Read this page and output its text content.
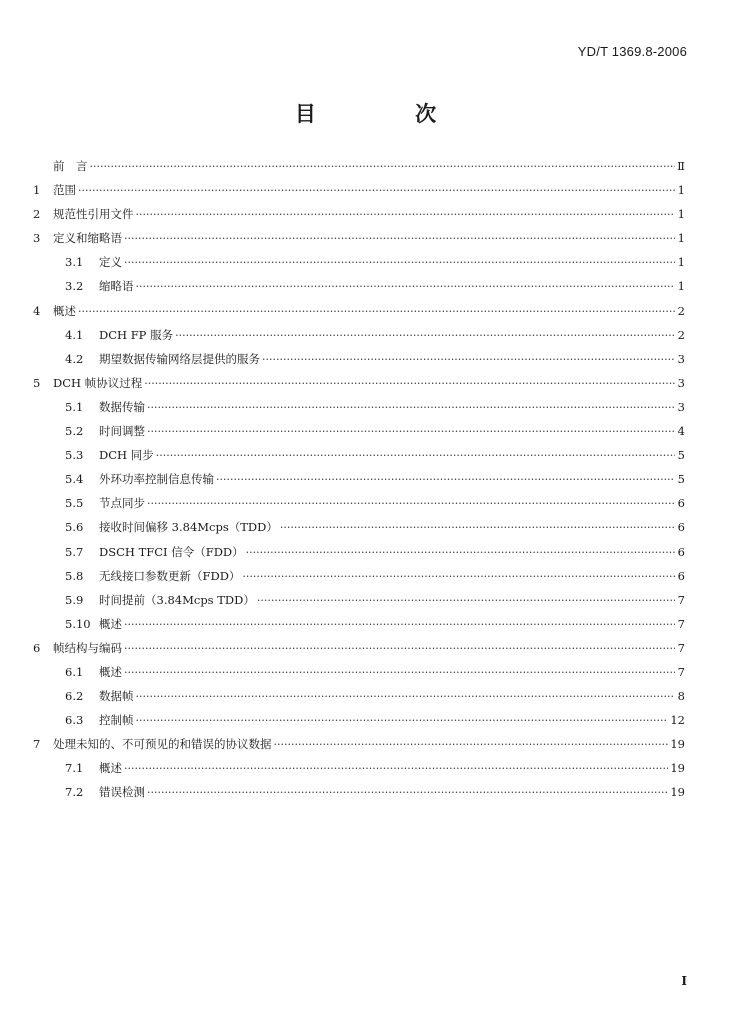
YD/T 1369.8-2006
目 次
前　言 ·····	Ⅱ
1	范围 ·····	1
2	规范性引用文件 ·····	1
3	定义和缩略语 ·····	1
3.1	定义 ·····	1
3.2	缩略语 ·····	1
4	概述 ·····	2
4.1	DCH FP 服务 ·····	2
4.2	期望数据传输网络层提供的服务 ·····	3
5	DCH 帧协议过程 ·····	3
5.1	数据传输 ·····	3
5.2	时间调整 ·····	4
5.3	DCH 同步 ·····	5
5.4	外环功率控制信息传输 ·····	5
5.5	节点同步 ·····	6
5.6	接收时间偏移 3.84Mcps（TDD） ·····	6
5.7	DSCH TFCI 信令（FDD） ·····	6
5.8	无线接口参数更新（FDD） ·····	6
5.9	时间提前（3.84Mcps TDD） ·····	7
5.10 概述 ·····	7
6	帧结构与编码 ·····	7
6.1	概述 ·····	7
6.2	数据帧 ·····	8
6.3	控制帧 ·····	12
7	处理未知的、不可预见的和错误的协议数据 ·····	19
7.1	概述 ·····	19
7.2	错误检测 ·····	19
I
